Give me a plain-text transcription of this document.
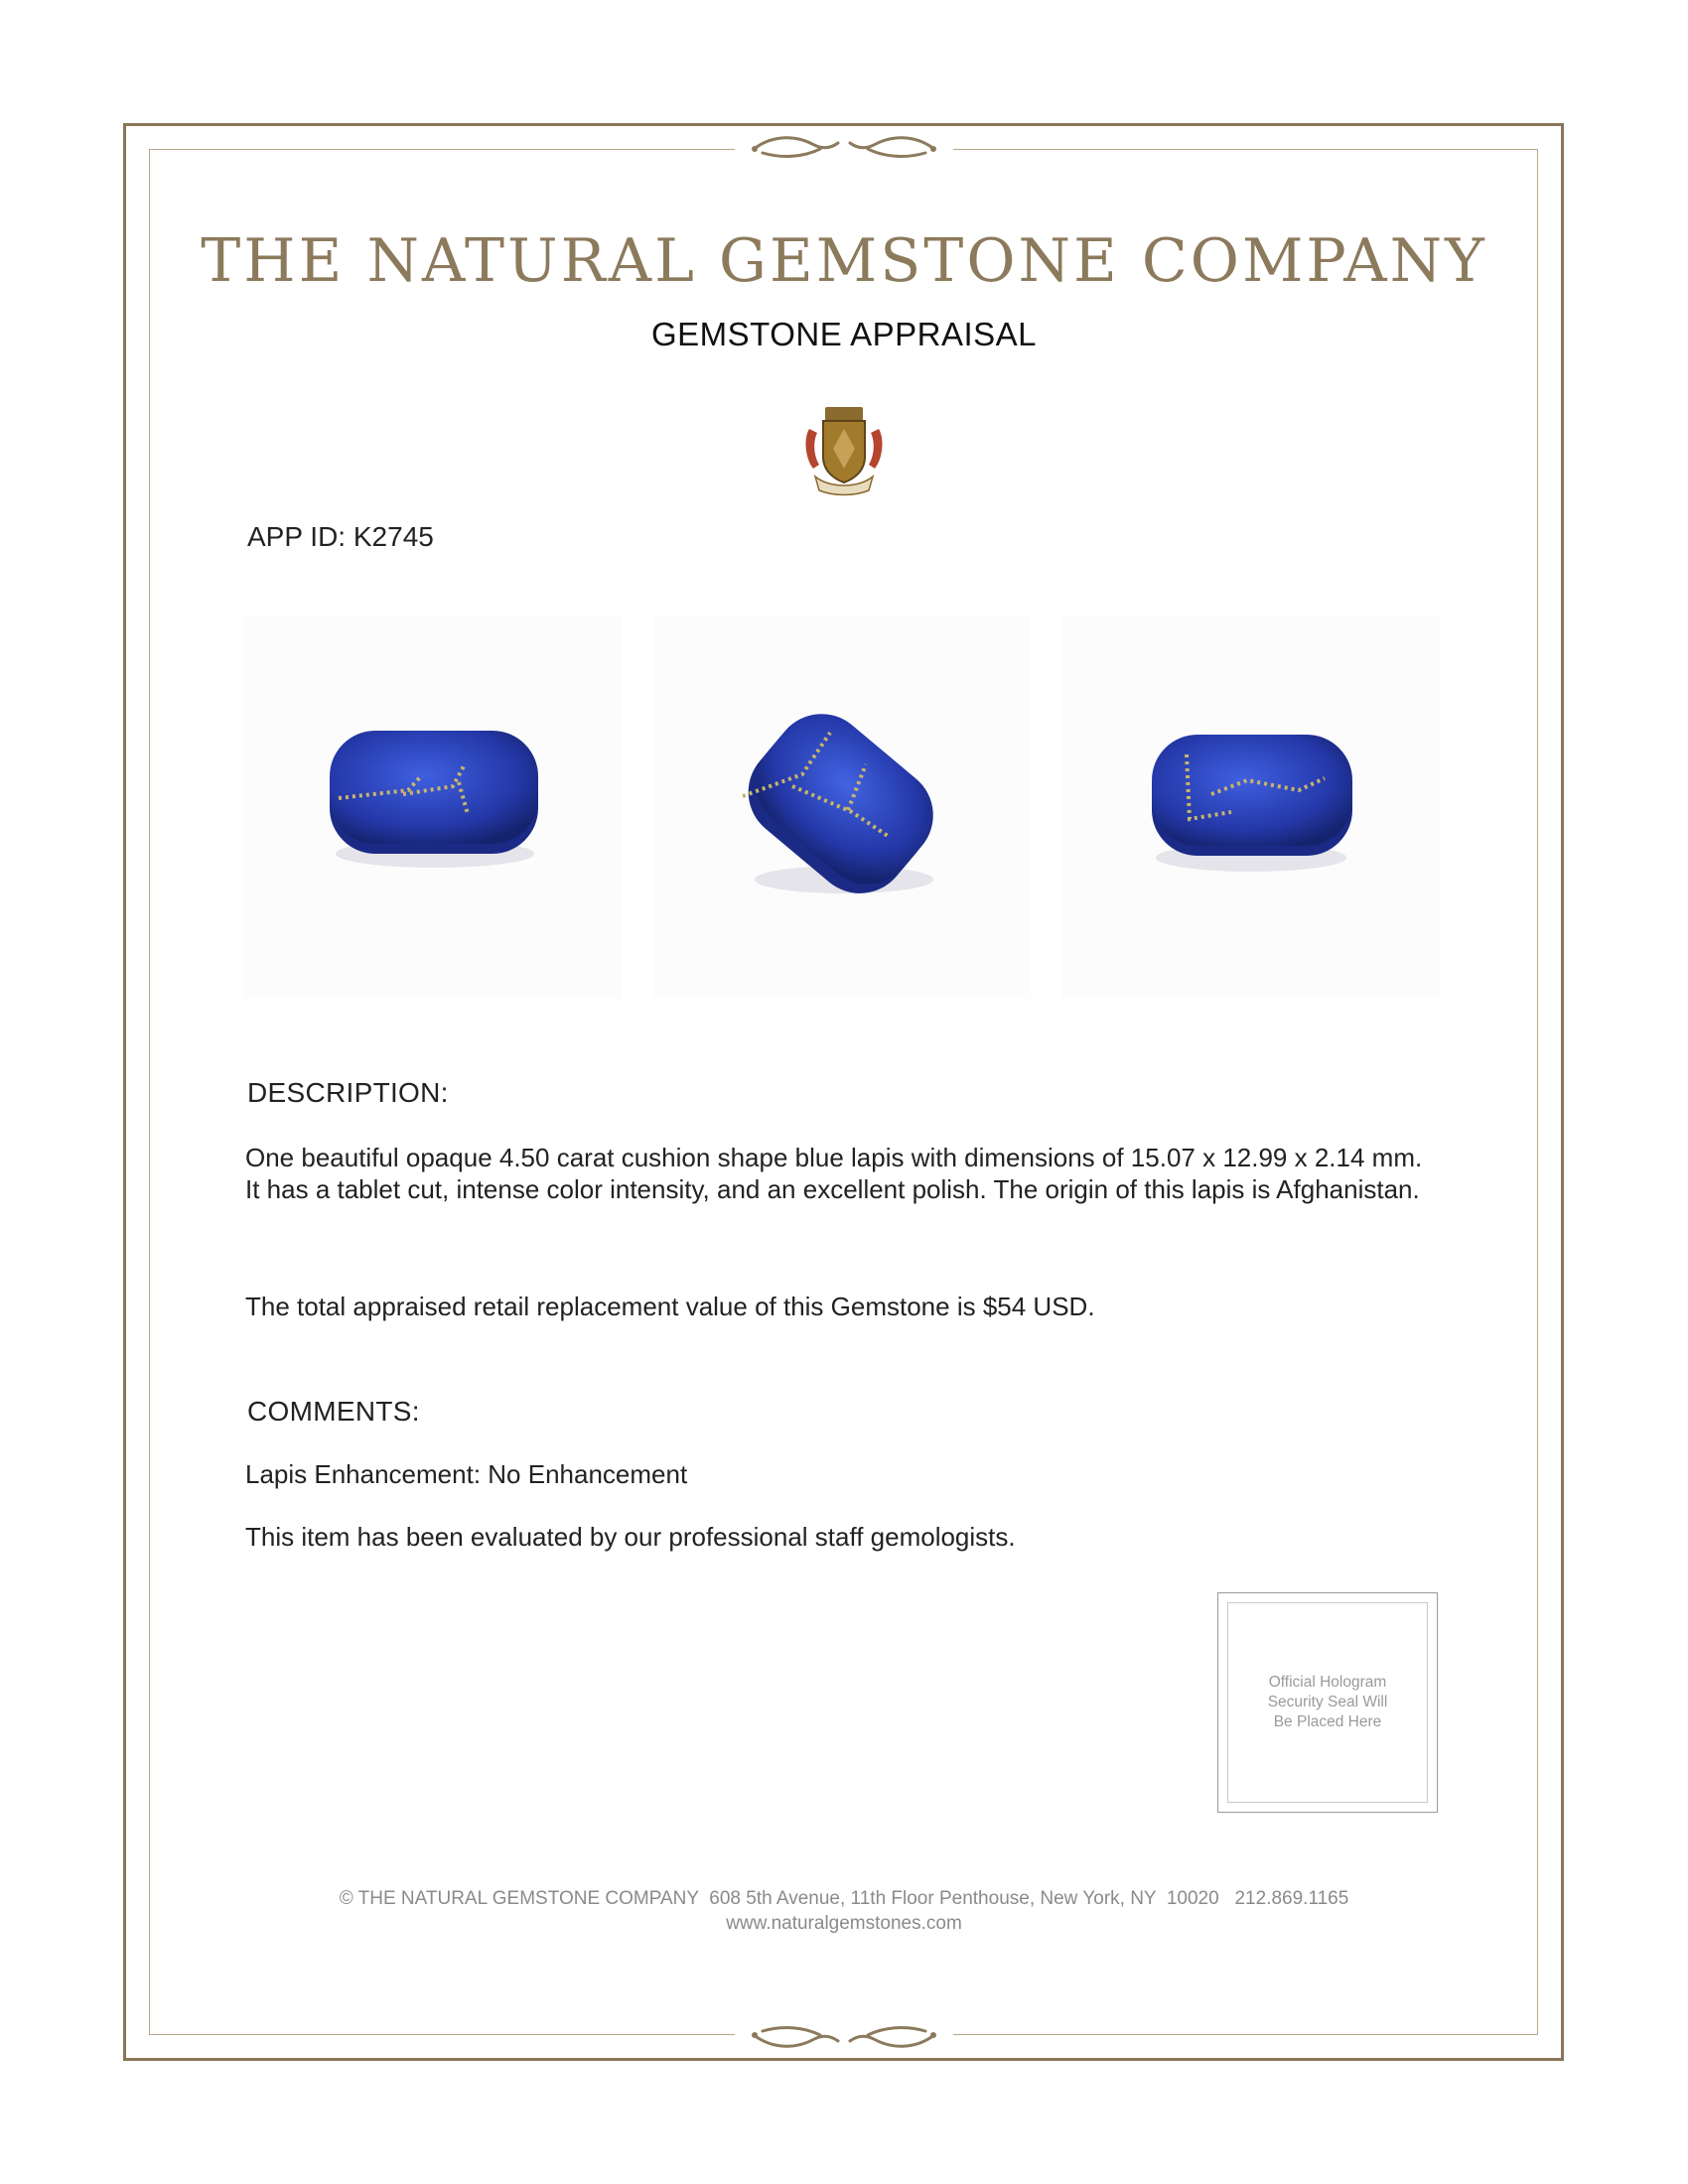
THE NATURAL GEMSTONE COMPANY
GEMSTONE APPRAISAL
APP ID: K2745
DESCRIPTION:
One beautiful opaque 4.50 carat cushion shape blue lapis with dimensions of 15.07 x 12.99 x 2.14 mm. It has a tablet cut, intense color intensity, and an excellent polish. The origin of this lapis is Afghanistan.
The total appraised retail replacement value of this Gemstone is $54 USD.
COMMENTS:
Lapis Enhancement: No Enhancement
This item has been evaluated by our professional staff gemologists.
Official Hologram
Security Seal Will
Be Placed Here
© THE NATURAL GEMSTONE COMPANY  608 5th Avenue, 11th Floor Penthouse, New York, NY  10020   212.869.1165
www.naturalgemstones.com
